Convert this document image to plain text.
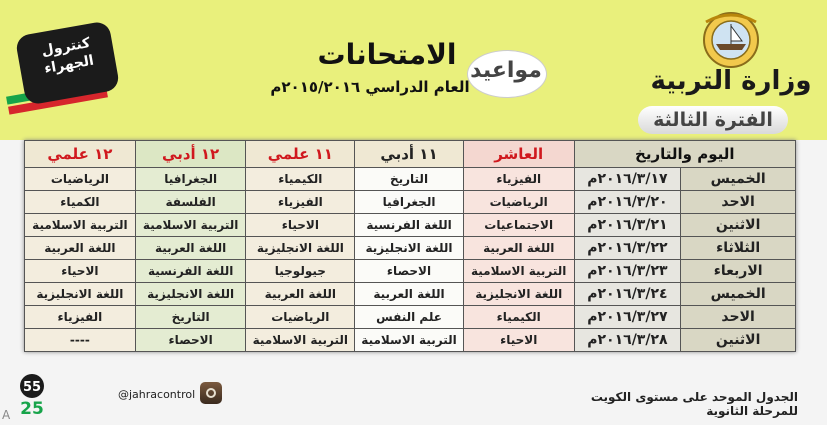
وزارة التربية
الفترة الثالثة
مواعيد
الامتحانات
العام الدراسي ٢٠١٥/٢٠١٦م
كنترول
الجهراء
اليوم والتاريخ		العاشر	١١ أدبي	١١ علمي	١٢ أدبي	١٢ علمي
الخميس	٢٠١٦/٣/١٧م	الفيزياء	التاريخ	الكيمياء	الجغرافيا	الرياضيات
الاحد	٢٠١٦/٣/٢٠م	الرياضيات	الجغرافيا	الفيزياء	الفلسفة	الكمياء
الاثنين	٢٠١٦/٣/٢١م	الاجتماعيات	اللغة الفرنسية	الاحياء	التربية الاسلامية	التربية الاسلامية
الثلاثاء	٢٠١٦/٣/٢٢م	اللغة العربية	اللغة الانجليزية	اللغة الانجليزية	اللغة العربية	اللغة العربية
الاربعاء	٢٠١٦/٣/٢٣م	التربية الاسلامية	الاحصاء	جيولوجيا	اللغة الفرنسية	الاحياء
الخميس	٢٠١٦/٣/٢٤م	اللغة الانجليزية	اللغة العربية	اللغة العربية	اللغة الانجليزية	اللغة الانجليزية
الاحد	٢٠١٦/٣/٢٧م	الكيمياء	علم النفس	الرياضيات	التاريخ	الفيزياء
الاثنين	٢٠١٦/٣/٢٨م	الاحياء	التربية الاسلامية	التربية الاسلامية	الاحصاء	----
الجدول الموحد على مستوى الكويت للمرحلة الثانوية
@jahracontrol
55
25
A
